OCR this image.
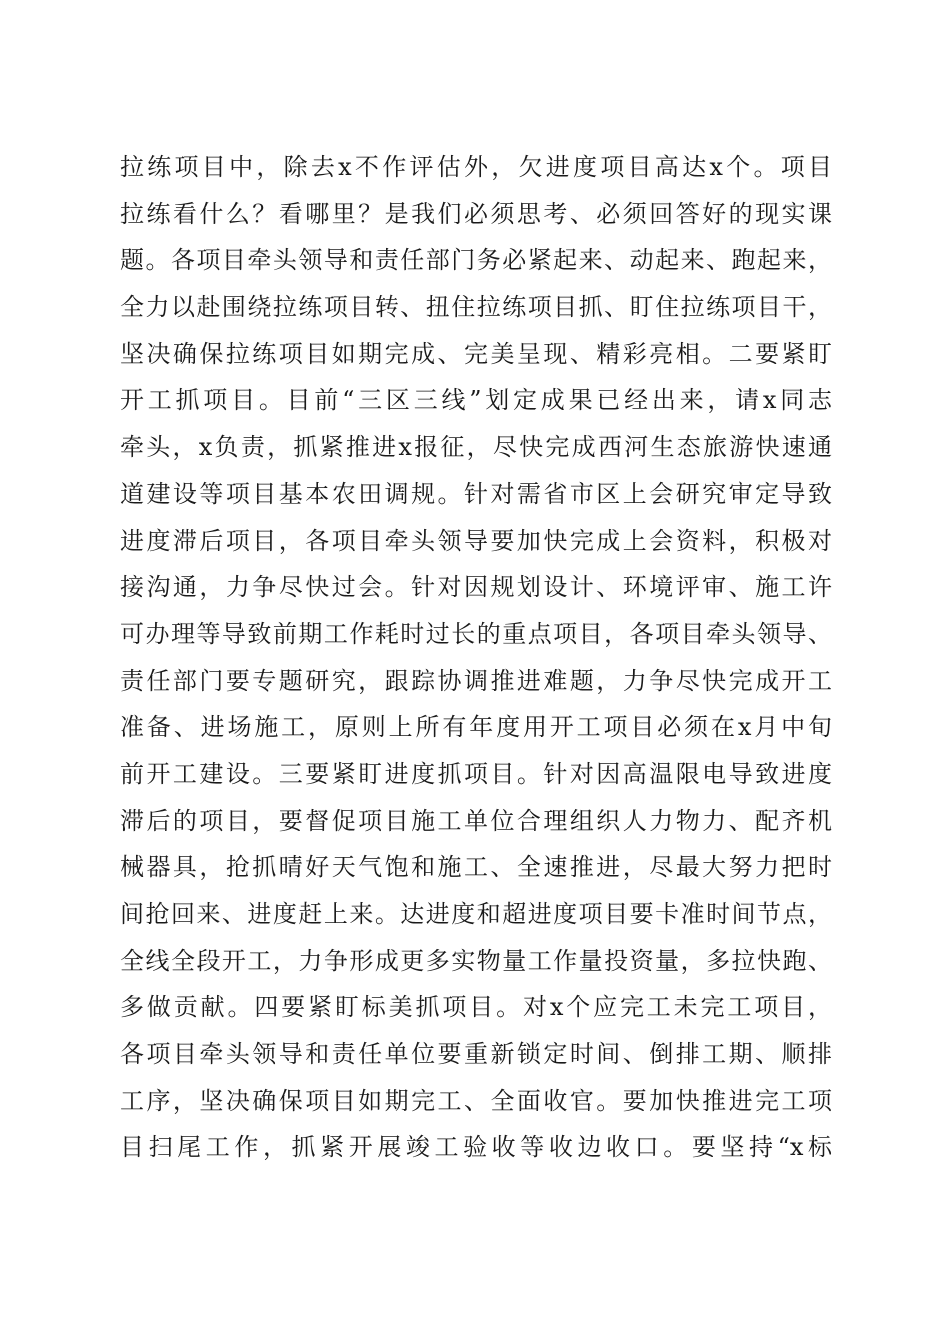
拉练项目中，除去x不作评估外，欠进度项目高达x个。项目
拉练看什么？看哪里？是我们必须思考、必须回答好的现实课
题。各项目牵头领导和责任部门务必紧起来、动起来、跑起来，
全力以赴围绕拉练项目转、扭住拉练项目抓、盯住拉练项目干，
坚决确保拉练项目如期完成、完美呈现、精彩亮相。二要紧盯
开工抓项目。目前“三区三线”划定成果已经出来，请x同志
牵头，x负责，抓紧推进x报征，尽快完成西河生态旅游快速通
道建设等项目基本农田调规。针对需省市区上会研究审定导致
进度滞后项目，各项目牵头领导要加快完成上会资料，积极对
接沟通，力争尽快过会。针对因规划设计、环境评审、施工许
可办理等导致前期工作耗时过长的重点项目，各项目牵头领导、
责任部门要专题研究，跟踪协调推进难题，力争尽快完成开工
准备、进场施工，原则上所有年度用开工项目必须在x月中旬
前开工建设。三要紧盯进度抓项目。针对因高温限电导致进度
滞后的项目，要督促项目施工单位合理组织人力物力、配齐机
械器具，抢抓晴好天气饱和施工、全速推进，尽最大努力把时
间抢回来、进度赶上来。达进度和超进度项目要卡准时间节点，
全线全段开工，力争形成更多实物量工作量投资量，多拉快跑、
多做贡献。四要紧盯标美抓项目。对x个应完工未完工项目，
各项目牵头领导和责任单位要重新锁定时间、倒排工期、顺排
工序，坚决确保项目如期完工、全面收官。要加快推进完工项
目扫尾工作，抓紧开展竣工验收等收边收口。要坚持“x标
